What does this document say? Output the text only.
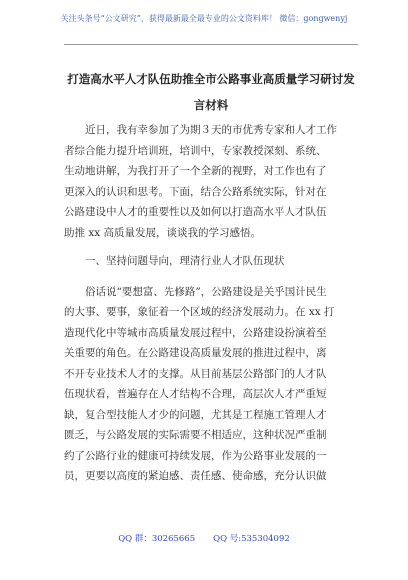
关注头条号“公文研究”，获得最新最全最专业的公文资料库！ 微信：gongwenyj
打造高水平人才队伍助推全市公路事业高质量学习研讨发
言材料
近日，我有幸参加了为期３天的市优秀专家和人才工作
者综合能力提升培训班，培训中，专家教授深刻、系统、
生动地讲解，为我打开了一个全新的视野，对工作也有了
更深入的认识和思考。下面，结合公路系统实际，针对在
公路建设中人才的重要性以及如何以打造高水平人才队伍
助推 xx 高质量发展，谈谈我的学习感悟。
一、坚持问题导向，理清行业人才队伍现状
俗话说“要想富、先修路”，公路建设是关乎国计民生
的大事、要事，象征着一个区域的经济发展动力。在 xx 打
造现代化中等城市高质量发展过程中，公路建设扮演着至
关重要的角色。在公路建设高质量发展的推进过程中，离
不开专业技术人才的支撑。从目前基层公路部门的人才队
伍现状看，普遍存在人才结构不合理，高层次人才严重短
缺，复合型技能人才少的问题，尤其是工程施工管理人才
匮乏，与公路发展的实际需要不相适应，这种状况严重制
约了公路行业的健康可持续发展，作为公路事业发展的一
员，更要以高度的紧迫感、责任感、使命感，充分认识做
QQ 群：30265665 QQ 号:535304092
